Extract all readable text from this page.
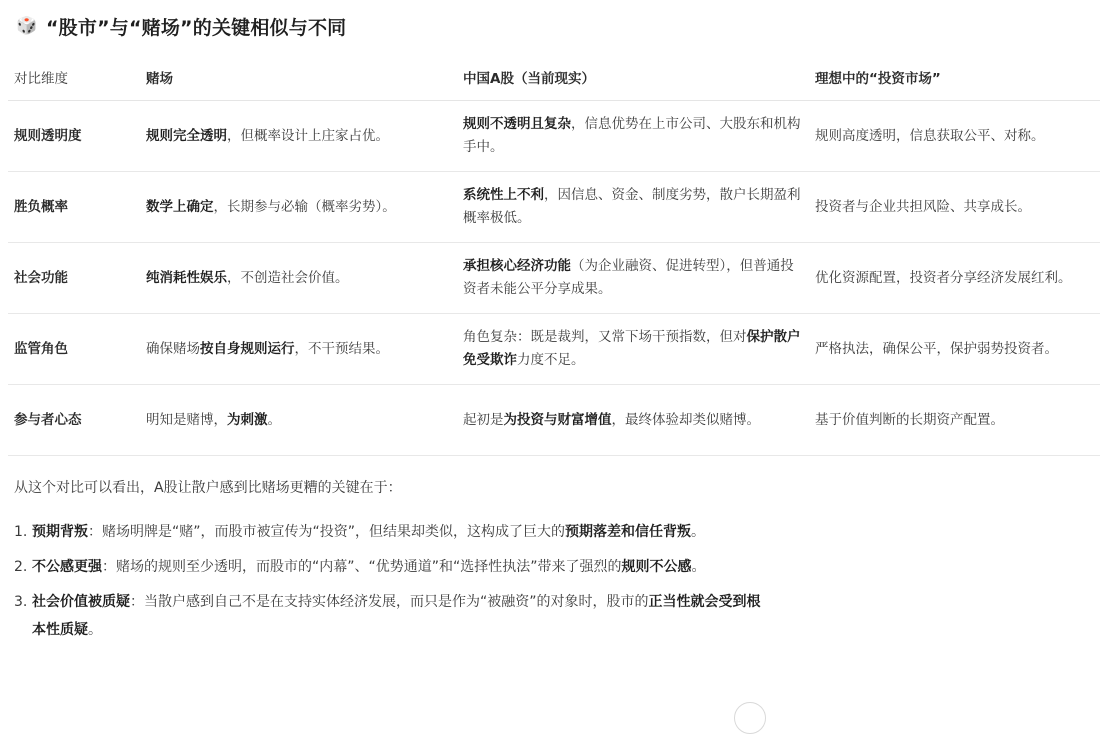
🎲 “股市”与“赌场”的关键相似与不同
对比维度	赌场	中国A股（当前现实）	理想中的“投资市场”
规则透明度	规则完全透明，但概率设计上庄家占优。	规则不透明且复杂，信息优势在上市公司、大股东和机构手中。	规则高度透明，信息获取公平、对称。

胜负概率	数学上确定，长期参与必输（概率劣势）。	系统性上不利，因信息、资金、制度劣势，散户长期盈利概率极低。	投资者与企业共担风险、共享成长。

社会功能	纯消耗性娱乐，不创造社会价值。	承担核心经济功能（为企业融资、促进转型），但普通投资者未能公平分享成果。	优化资源配置，投资者分享经济发展红利。

监管角色	确保赌场按自身规则运行，不干预结果。	角色复杂：既是裁判，又常下场干预指数，但对保护散户免受欺诈力度不足。	严格执法，确保公平，保护弱势投资者。

参与者心态	明知是赌博，为刺激。	起初是为投资与财富增值，最终体验却类似赌博。	基于价值判断的长期资产配置。
从这个对比可以看出，A股让散户感到比赌场更糟的关键在于：
1. 预期背叛：赌场明牌是“赌”，而股市被宣传为“投资”，但结果却类似，这构成了巨大的预期落差和信任背叛。
2. 不公感更强：赌场的规则至少透明，而股市的“内幕”、“优势通道”和“选择性执法”带来了强烈的规则不公感。
3. 社会价值被质疑：当散户感到自己不是在支持实体经济发展，而只是作为“被融资”的对象时，股市的正当性就会受到根本性质疑。
